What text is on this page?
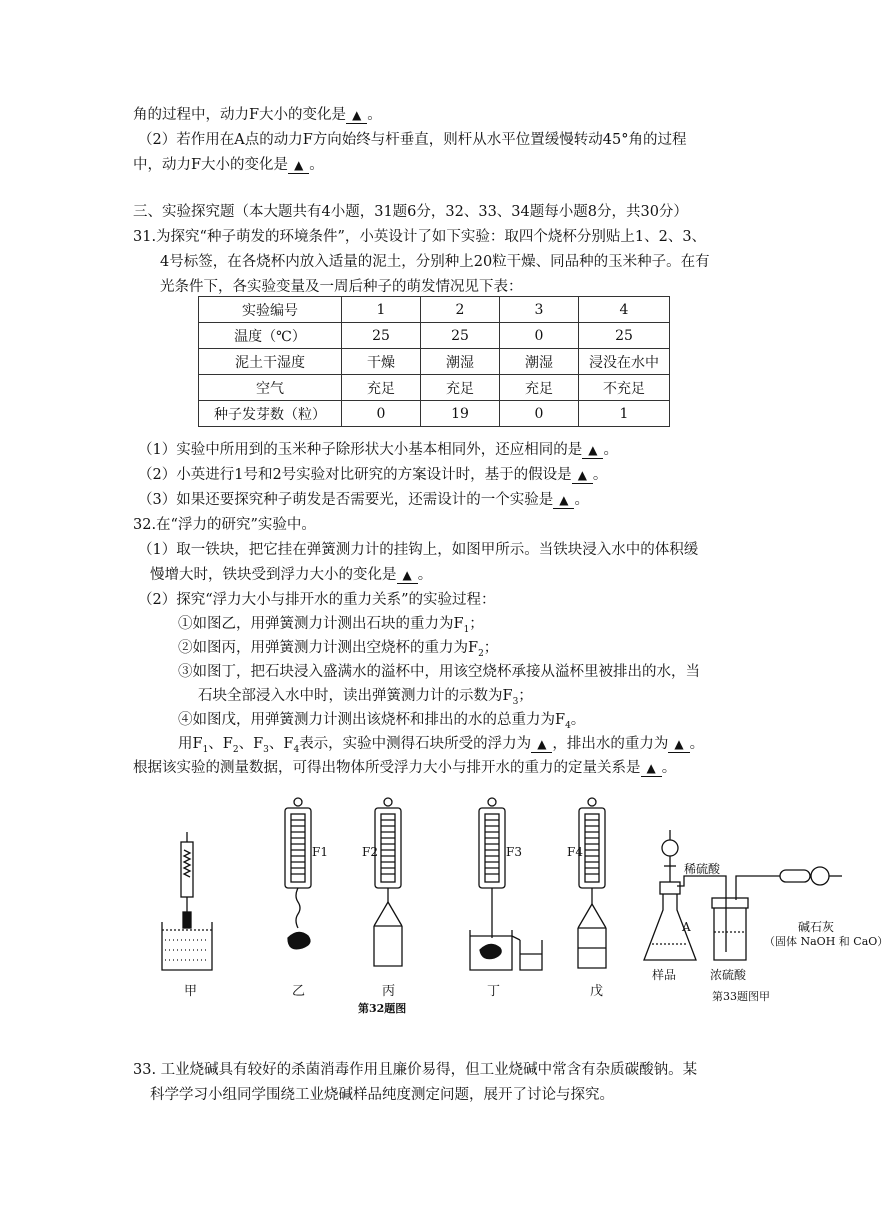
角的过程中，动力F大小的变化是 ▲ 。
（2）若作用在A点的动力F方向始终与杆垂直，则杆从水平位置缓慢转动45°角的过程
中，动力F大小的变化是 ▲ 。
三、实验探究题（本大题共有4小题，31题6分，32、33、34题每小题8分，共30分）
31.为探究“种子萌发的环境条件”，小英设计了如下实验：取四个烧杯分别贴上1、2、3、
4号标签，在各烧杯内放入适量的泥土，分别种上20粒干燥、同品种的玉米种子。在有
光条件下，各实验变量及一周后种子的萌发情况见下表：
实验编号	1	2	3	4
温度（℃）	25	25	0	25
泥土干湿度	干燥	潮湿	潮湿	浸没在水中
空气	充足	充足	充足	不充足
种子发芽数（粒）	0	19	0	1
（1）实验中所用到的玉米种子除形状大小基本相同外，还应相同的是 ▲ 。
（2）小英进行1号和2号实验对比研究的方案设计时，基于的假设是 ▲ 。
（3）如果还要探究种子萌发是否需要光，还需设计的一个实验是 ▲ 。
32.在“浮力的研究”实验中。
（1）取一铁块，把它挂在弹簧测力计的挂钩上，如图甲所示。当铁块浸入水中的体积缓
慢增大时，铁块受到浮力大小的变化是 ▲ 。
（2）探究“浮力大小与排开水的重力关系”的实验过程：
①如图乙，用弹簧测力计测出石块的重力为$F_1$；
②如图丙，用弹簧测力计测出空烧杯的重力为$F_2$；
③如图丁，把石块浸入盛满水的溢杯中，用该空烧杯承接从溢杯里被排出的水，当
石块全部浸入水中时，读出弹簧测力计的示数为$F_3$；
④如图戊，用弹簧测力计测出该烧杯和排出的水的总重力为$F_4$。
用$F_1$、$F_2$、$F_3$、$F_4$表示，实验中测得石块所受的浮力为 ▲ ，排出水的重力为 ▲ 。
根据该实验的测量数据，可得出物体所受浮力大小与排开水的重力的定量关系是 ▲ 。
甲	乙	丙	丁	戊
F1	F2	F3	F4
第32题图
稀硫酸
A	碱石灰
（固体 NaOH 和 CaO）
样品	浓硫酸
第33题图甲
33. 工业烧碱具有较好的杀菌消毒作用且廉价易得，但工业烧碱中常含有杂质碳酸钠。某
科学学习小组同学围绕工业烧碱样品纯度测定问题，展开了讨论与探究。
